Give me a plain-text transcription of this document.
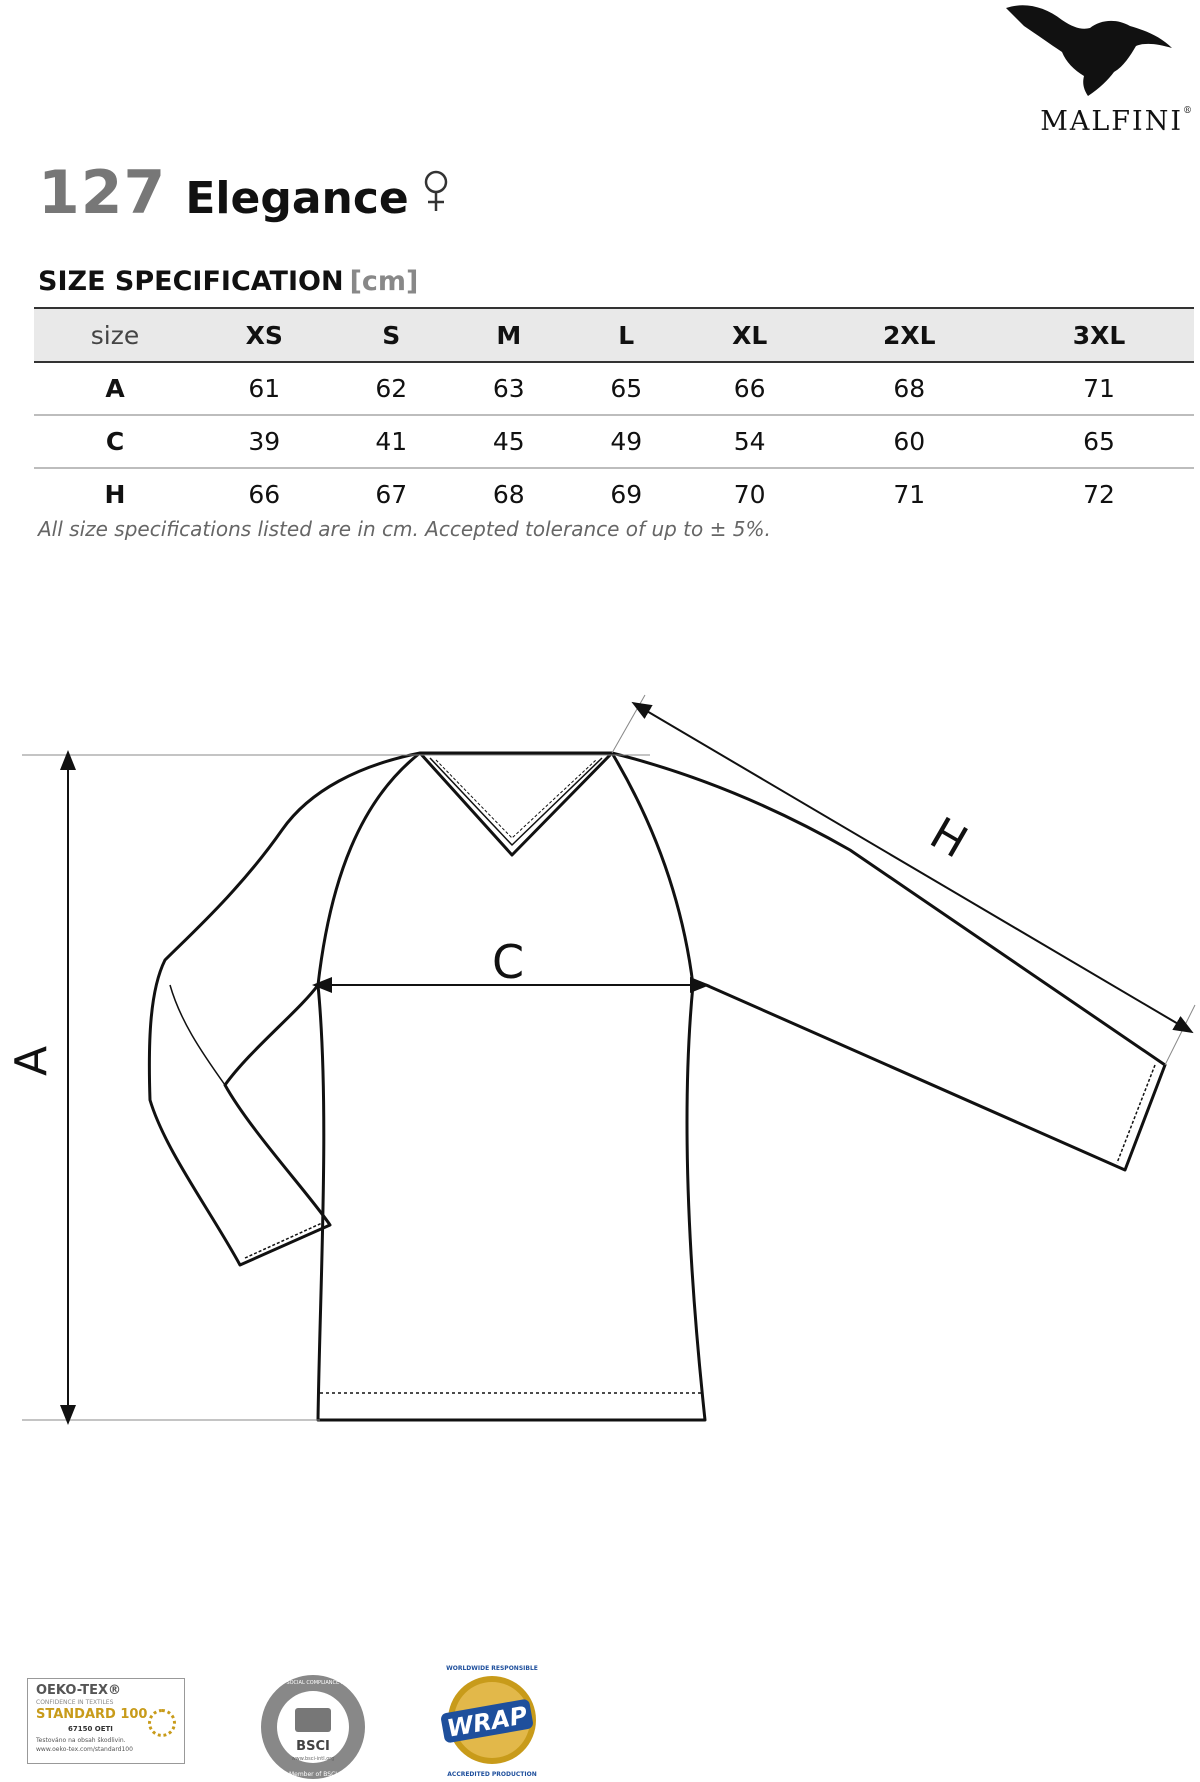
MALFINI®
127 Elegance
SIZE SPECIFICATION [cm]
size	XS	S	M	L	XL	2XL	3XL
A	61	62	63	65	66	68	71
C	39	41	45	49	54	60	65
H	66	67	68	69	70	71	72
All size specifications listed are in cm. Accepted tolerance of up to ± 5%.
A
C
H
OEKO-TEX®
CONFIDENCE IN TEXTILES
STANDARD 100
67150 OETI
Testováno na obsah škodlivin.
www.oeko-tex.com/standard100	BSCI
www.bsci-intl.org
BUSINESS SOCIAL COMPLIANCE INITIATIVE
Member of BSCI
WRAP
WORLDWIDE RESPONSIBLE
ACCREDITED PRODUCTION
